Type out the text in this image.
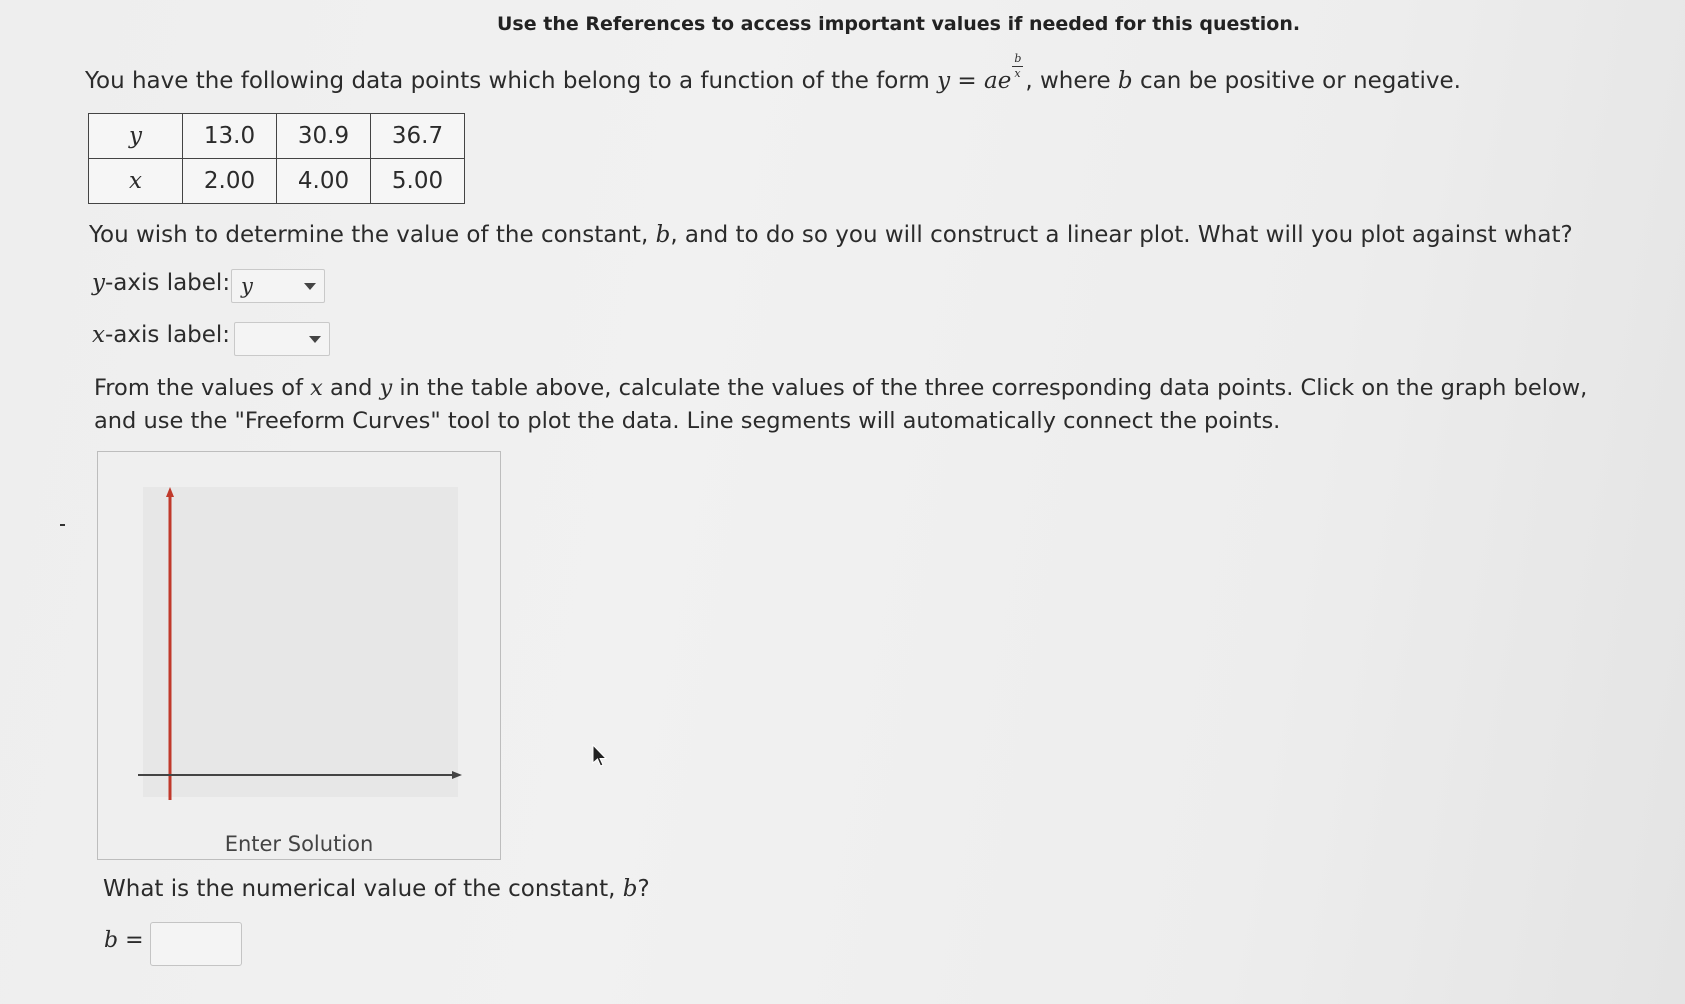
Use the References to access important values if needed for this question.
You have the following data points which belong to a function of the form y = ae $\frac{b}{x}$ , where b can be positive or negative.
y	13.0	30.9	36.7
x	2.00	4.00	5.00
You wish to determine the value of the constant, b, and to do so you will construct a linear plot. What will you plot against what?
y-axis label: y
x-axis label:
From the values of x and y in the table above, calculate the values of the three corresponding data points. Click on the graph below, and use the "Freeform Curves" tool to plot the data. Line segments will automatically connect the points.
Enter Solution
What is the numerical value of the constant, b?
b =
